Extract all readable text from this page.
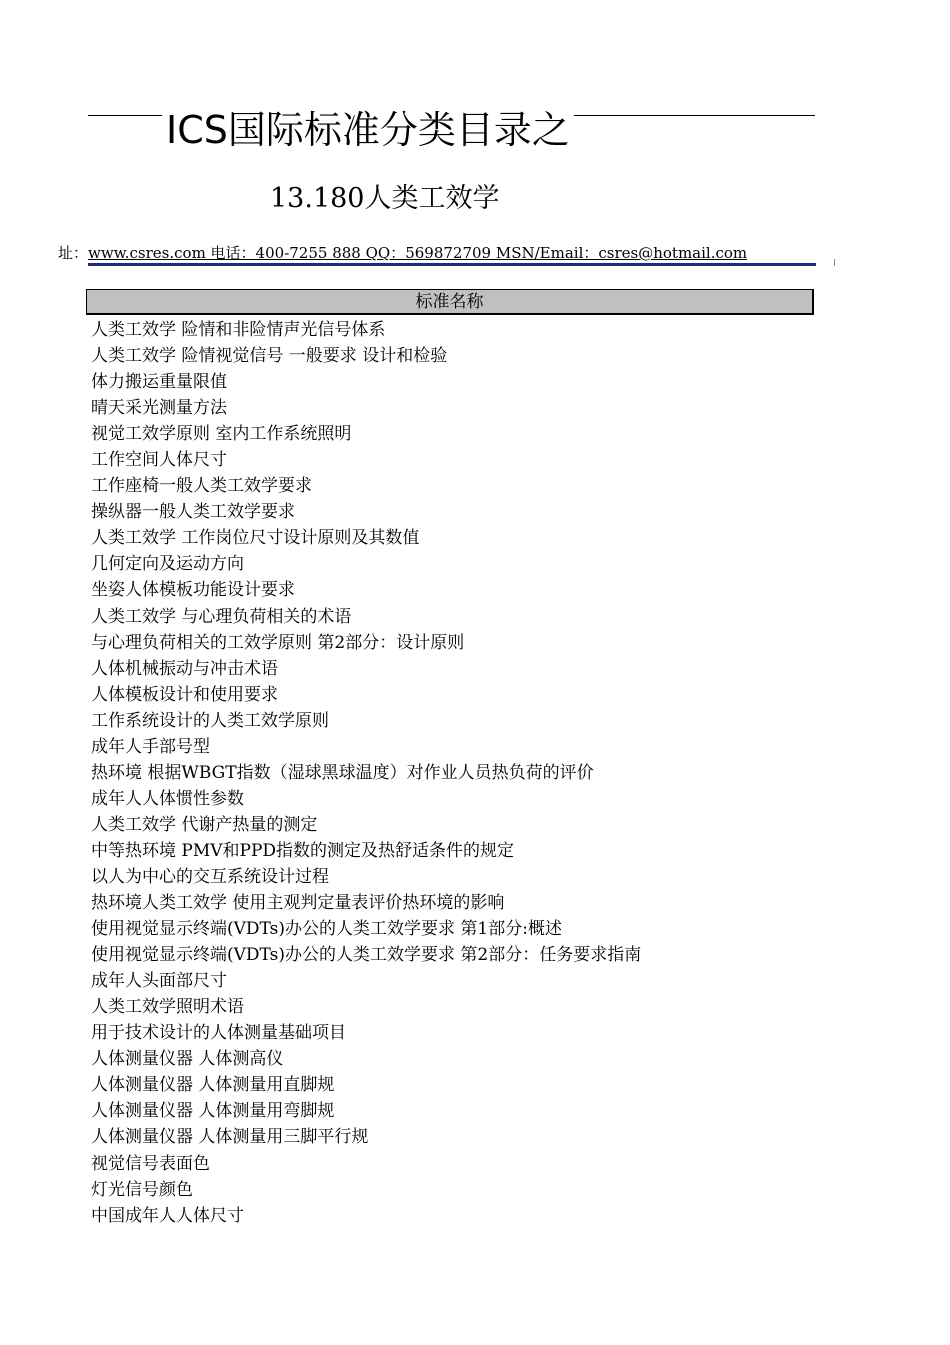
ICS国际标准分类目录之
13.180人类工效学
址：www.csres.com 电话：400-7255 888 QQ：569872709 MSN/Email：csres@hotmail.com
标准名称
人类工效学 险情和非险情声光信号体系
人类工效学 险情视觉信号 一般要求 设计和检验
体力搬运重量限值
晴天采光测量方法
视觉工效学原则 室内工作系统照明
工作空间人体尺寸
工作座椅一般人类工效学要求
操纵器一般人类工效学要求
人类工效学 工作岗位尺寸设计原则及其数值
几何定向及运动方向
坐姿人体模板功能设计要求
人类工效学 与心理负荷相关的术语
与心理负荷相关的工效学原则 第2部分：设计原则
人体机械振动与冲击术语
人体模板设计和使用要求
工作系统设计的人类工效学原则
成年人手部号型
热环境 根据WBGT指数（湿球黑球温度）对作业人员热负荷的评价
成年人人体惯性参数
人类工效学 代谢产热量的测定
中等热环境 PMV和PPD指数的测定及热舒适条件的规定
以人为中心的交互系统设计过程
热环境人类工效学 使用主观判定量表评价热环境的影响
使用视觉显示终端(VDTs)办公的人类工效学要求 第1部分:概述
使用视觉显示终端(VDTs)办公的人类工效学要求 第2部分：任务要求指南
成年人头面部尺寸
人类工效学照明术语
用于技术设计的人体测量基础项目
人体测量仪器 人体测高仪
人体测量仪器 人体测量用直脚规
人体测量仪器 人体测量用弯脚规
人体测量仪器 人体测量用三脚平行规
视觉信号表面色
灯光信号颜色
中国成年人人体尺寸
